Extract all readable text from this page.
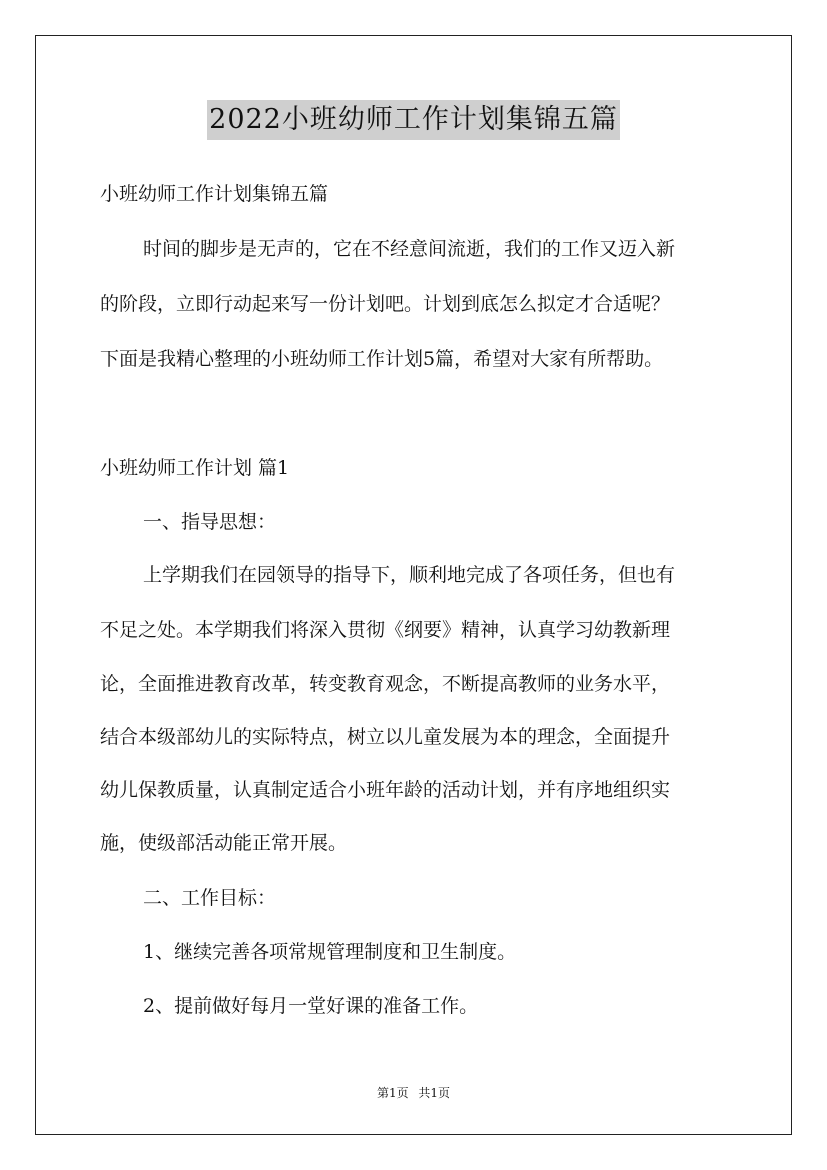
2022小班幼师工作计划集锦五篇
小班幼师工作计划集锦五篇
时间的脚步是无声的，它在不经意间流逝，我们的工作又迈入新
的阶段，立即行动起来写一份计划吧。计划到底怎么拟定才合适呢？
下面是我精心整理的小班幼师工作计划5篇，希望对大家有所帮助。
小班幼师工作计划 篇1
一、指导思想：
上学期我们在园领导的指导下，顺利地完成了各项任务，但也有
不足之处。本学期我们将深入贯彻《纲要》精神，认真学习幼教新理
论，全面推进教育改革，转变教育观念，不断提高教师的业务水平，
结合本级部幼儿的实际特点，树立以儿童发展为本的理念，全面提升
幼儿保教质量，认真制定适合小班年龄的活动计划，并有序地组织实
施，使级部活动能正常开展。
二、工作目标：
1、继续完善各项常规管理制度和卫生制度。
2、提前做好每月一堂好课的准备工作。
第1页 共1页
